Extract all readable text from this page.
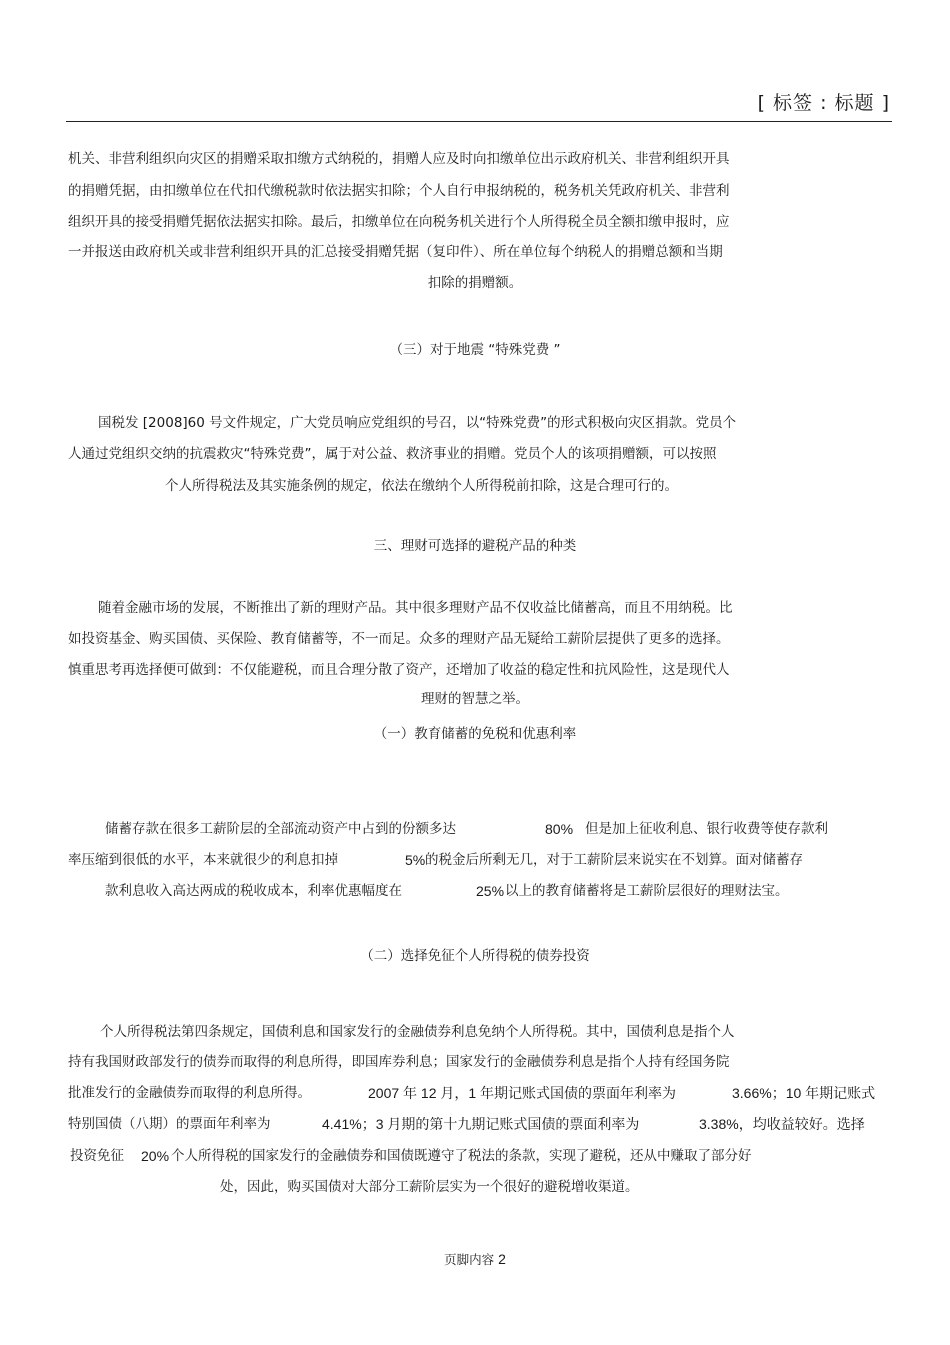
[ 标签 : 标题 ]
机关、非营利组织向灾区的捐赠采取扣缴方式纳税的，捐赠人应及时向扣缴单位出示政府机关、非营利组织开具
的捐赠凭据，由扣缴单位在代扣代缴税款时依法据实扣除；个人自行申报纳税的，税务机关凭政府机关、非营利
组织开具的接受捐赠凭据依法据实扣除。最后，扣缴单位在向税务机关进行个人所得税全员全额扣缴申报时，应
一并报送由政府机关或非营利组织开具的汇总接受捐赠凭据（复印件）、所在单位每个纳税人的捐赠总额和当期
扣除的捐赠额。
（三）对于地震 “特殊党费 ”
国税发 [2008]60 号文件规定，广大党员响应党组织的号召，以“特殊党费”的形式积极向灾区捐款。党员个
人通过党组织交纳的抗震救灾“特殊党费”，属于对公益、救济事业的捐赠。党员个人的该项捐赠额，可以按照
个人所得税法及其实施条例的规定，依法在缴纳个人所得税前扣除，这是合理可行的。
三、理财可选择的避税产品的种类
随着金融市场的发展，不断推出了新的理财产品。其中很多理财产品不仅收益比储蓄高，而且不用纳税。比
如投资基金、购买国债、买保险、教育储蓄等，不一而足。众多的理财产品无疑给工薪阶层提供了更多的选择。
慎重思考再选择便可做到：不仅能避税，而且合理分散了资产，还增加了收益的稳定性和抗风险性，这是现代人
理财的智慧之举。
（一）教育储蓄的免税和优惠利率
储蓄存款在很多工薪阶层的全部流动资产中占到的份额多达	80% 但是加上征收利息、银行收费等使存款利
率压缩到很低的水平，本来就很少的利息扣掉	5% 的税金后所剩无几，对于工薪阶层来说实在不划算。面对储蓄存
款利息收入高达两成的税收成本，利率优惠幅度在	25% 以上的教育储蓄将是工薪阶层很好的理财法宝。
（二）选择免征个人所得税的债券投资
个人所得税法第四条规定，国债利息和国家发行的金融债券利息免纳个人所得税。其中，国债利息是指个人
持有我国财政部发行的债券而取得的利息所得，即国库券利息；国家发行的金融债券利息是指个人持有经国务院
批准发行的金融债券而取得的利息所得。	2007 年 12 月，1 年期记账式国债的票面年利率为	3.66%；10 年期记账式
特别国债（八期）的票面年利率为	4.41%；3 月期的第十九期记账式国债的票面利率为	3.38%，均收益较好。选择
投资免征 20% 个人所得税的国家发行的金融债券和国债既遵守了税法的条款，实现了避税，还从中赚取了部分好
处，因此，购买国债对大部分工薪阶层实为一个很好的避税增收渠道。
页脚内容 2
